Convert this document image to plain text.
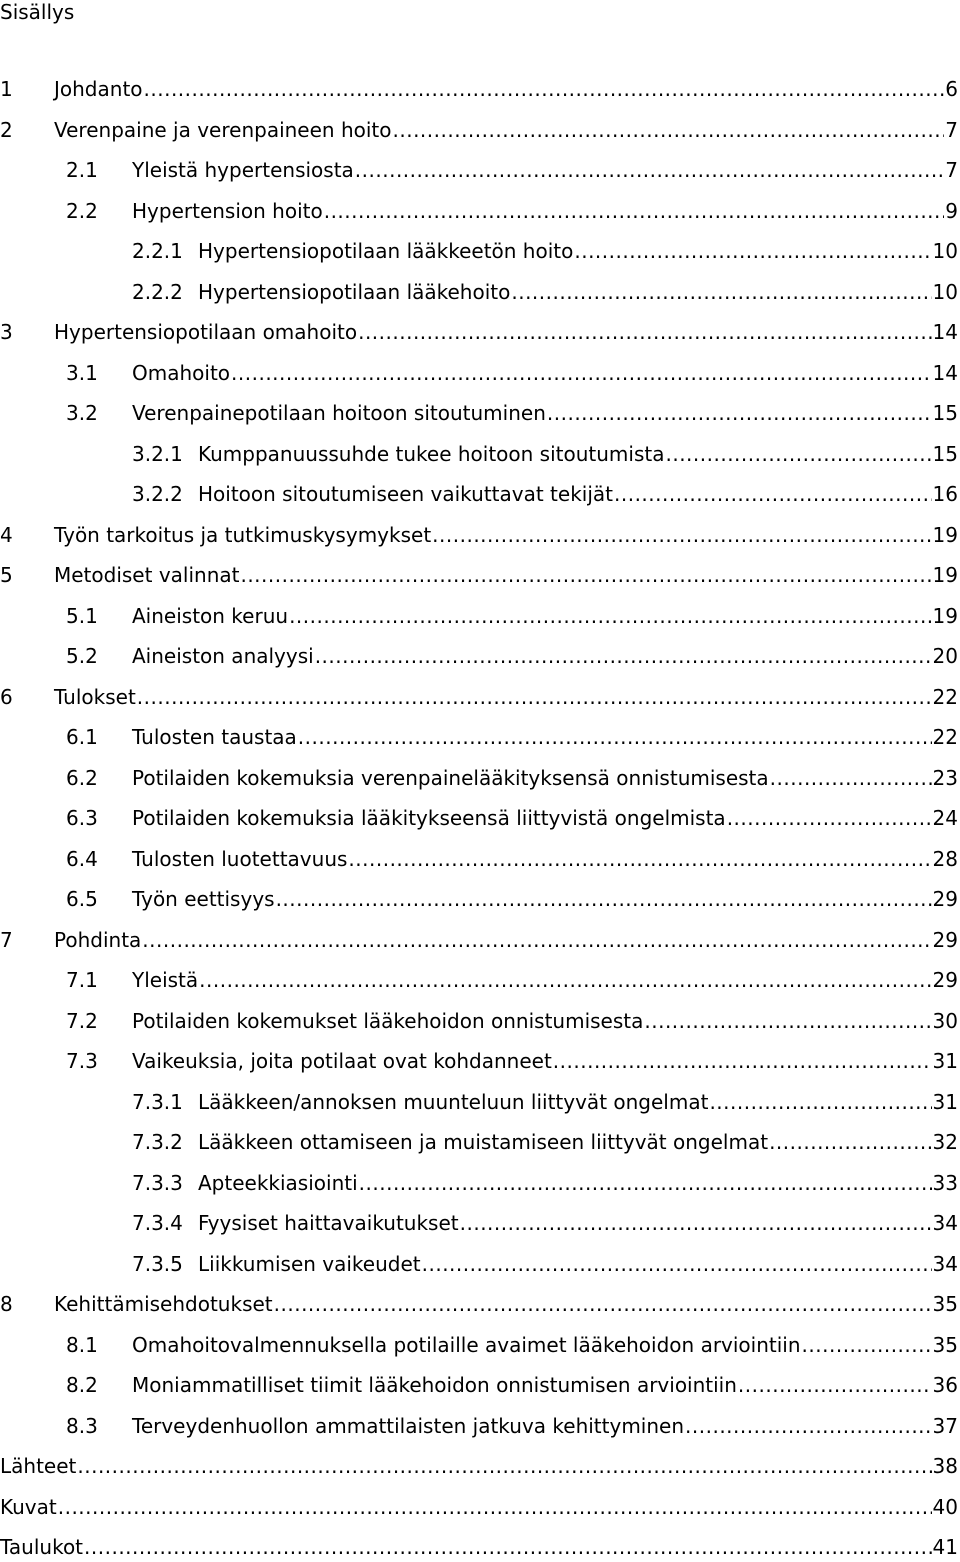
Sisällys
1 Johdanto .....	6
2 Verenpaine ja verenpaineen hoito .....	7
2.1 Yleistä hypertensiosta .....	7
2.2 Hypertension hoito .....	9
2.2.1 Hypertensiopotilaan lääkkeetön hoito .....	10
2.2.2 Hypertensiopotilaan lääkehoito .....	10
3 Hypertensiopotilaan omahoito .....	14
3.1 Omahoito .....	14
3.2 Verenpainepotilaan hoitoon sitoutuminen .....	15
3.2.1 Kumppanuussuhde tukee hoitoon sitoutumista .....	15
3.2.2 Hoitoon sitoutumiseen vaikuttavat tekijät .....	16
4 Työn tarkoitus ja tutkimuskysymykset .....	19
5 Metodiset valinnat .....	19
5.1 Aineiston keruu .....	19
5.2 Aineiston analyysi .....	20
6 Tulokset .....	22
6.1 Tulosten taustaa .....	22
6.2 Potilaiden kokemuksia verenpainelääkityksensä onnistumisesta .....	23
6.3 Potilaiden kokemuksia lääkitykseensä liittyvistä ongelmista .....	24
6.4 Tulosten luotettavuus .....	28
6.5 Työn eettisyys .....	29
7 Pohdinta .....	29
7.1 Yleistä .....	29
7.2 Potilaiden kokemukset lääkehoidon onnistumisesta .....	30
7.3 Vaikeuksia, joita potilaat ovat kohdanneet .....	31
7.3.1 Lääkkeen/annoksen muunteluun liittyvät ongelmat .....	31
7.3.2 Lääkkeen ottamiseen ja muistamiseen liittyvät ongelmat .....	32
7.3.3 Apteekkiasiointi .....	33
7.3.4 Fyysiset haittavaikutukset .....	34
7.3.5 Liikkumisen vaikeudet .....	34
8 Kehittämisehdotukset .....	35
8.1 Omahoitovalmennuksella potilaille avaimet lääkehoidon arviointiin .....	35
8.2 Moniammatilliset tiimit lääkehoidon onnistumisen arviointiin .....	36
8.3 Terveydenhuollon ammattilaisten jatkuva kehittyminen .....	37
Lähteet .....	38
Kuvat .....	40
Taulukot .....	41
